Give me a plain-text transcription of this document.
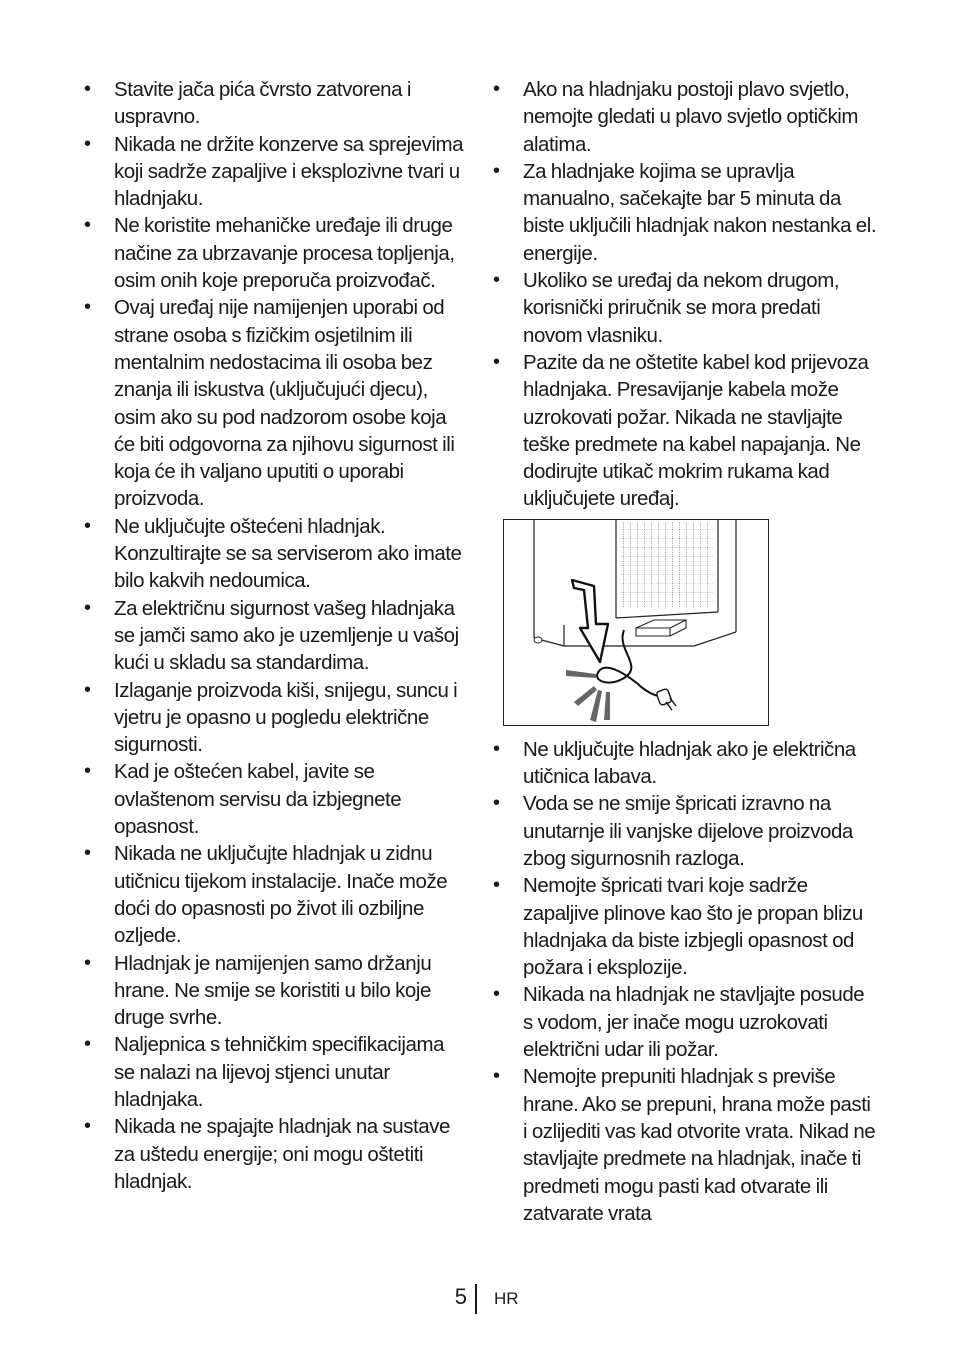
• Stavite jača pića čvrsto zatvorena i uspravno.
• Nikada ne držite konzerve sa sprejevima koji sadrže zapaljive i eksplozivne tvari u hladnjaku.
• Ne koristite mehaničke uređaje ili druge načine za ubrzavanje procesa topljenja, osim onih koje preporuča proizvođač.
• Ovaj uređaj nije namijenjen uporabi od strane osoba s fizičkim osjetilnim ili mentalnim nedostacima ili osoba bez znanja ili iskustva (uključujući djecu), osim ako su pod nadzorom osobe koja će biti odgovorna za njihovu sigurnost ili koja će ih valjano uputiti o uporabi proizvoda.
• Ne uključujte oštećeni hladnjak. Konzultirajte se sa serviserom ako imate bilo kakvih nedoumica.
• Za električnu sigurnost vašeg hladnjaka se jamči samo ako je uzemljenje u vašoj kući u skladu sa standardima.
• Izlaganje proizvoda kiši, snijegu, suncu i vjetru je opasno u pogledu električne sigurnosti.
• Kad je oštećen kabel, javite se ovlaštenom servisu da izbjegnete opasnost.
• Nikada ne uključujte hladnjak u zidnu utičnicu tijekom instalacije. Inače može doći do opasnosti po život ili ozbiljne ozljede.
• Hladnjak je namijenjen samo držanju hrane. Ne smije se koristiti u bilo koje druge svrhe.
• Naljepnica s tehničkim specifikacijama se nalazi na lijevoj stjenci unutar hladnjaka.
• Nikada ne spajajte hladnjak na sustave za uštedu energije; oni mogu oštetiti hladnjak.
• Ako na hladnjaku postoji plavo svjetlo, nemojte gledati u plavo svjetlo optičkim alatima.
• Za hladnjake kojima se upravlja manualno, sačekajte bar 5 minuta da biste uključili hladnjak nakon nestanka el. energije.
• Ukoliko se uređaj da nekom drugom, korisnički priručnik se mora predati novom vlasniku.
• Pazite da ne oštetite kabel kod prijevoza hladnjaka. Presavijanje kabela može uzrokovati požar. Nikada ne stavljajte teške predmete na kabel napajanja. Ne dodirujte utikač mokrim rukama kad uključujete uređaj.
• Ne uključujte hladnjak ako je električna utičnica labava.
• Voda se ne smije špricati izravno na unutarnje ili vanjske dijelove proizvoda zbog sigurnosnih razloga.
• Nemojte špricati tvari koje sadrže zapaljive plinove kao što je propan blizu hladnjaka da biste izbjegli opasnost od požara i eksplozije.
• Nikada na hladnjak ne stavljajte posude s vodom, jer inače mogu uzrokovati električni udar ili požar.
• Nemojte prepuniti hladnjak s previše hrane. Ako se prepuni, hrana može pasti i ozlijediti vas kad otvorite vrata. Nikad ne stavljajte predmete na hladnjak, inače ti predmeti mogu pasti kad otvarate ili zatvarate vrata
5 HR
